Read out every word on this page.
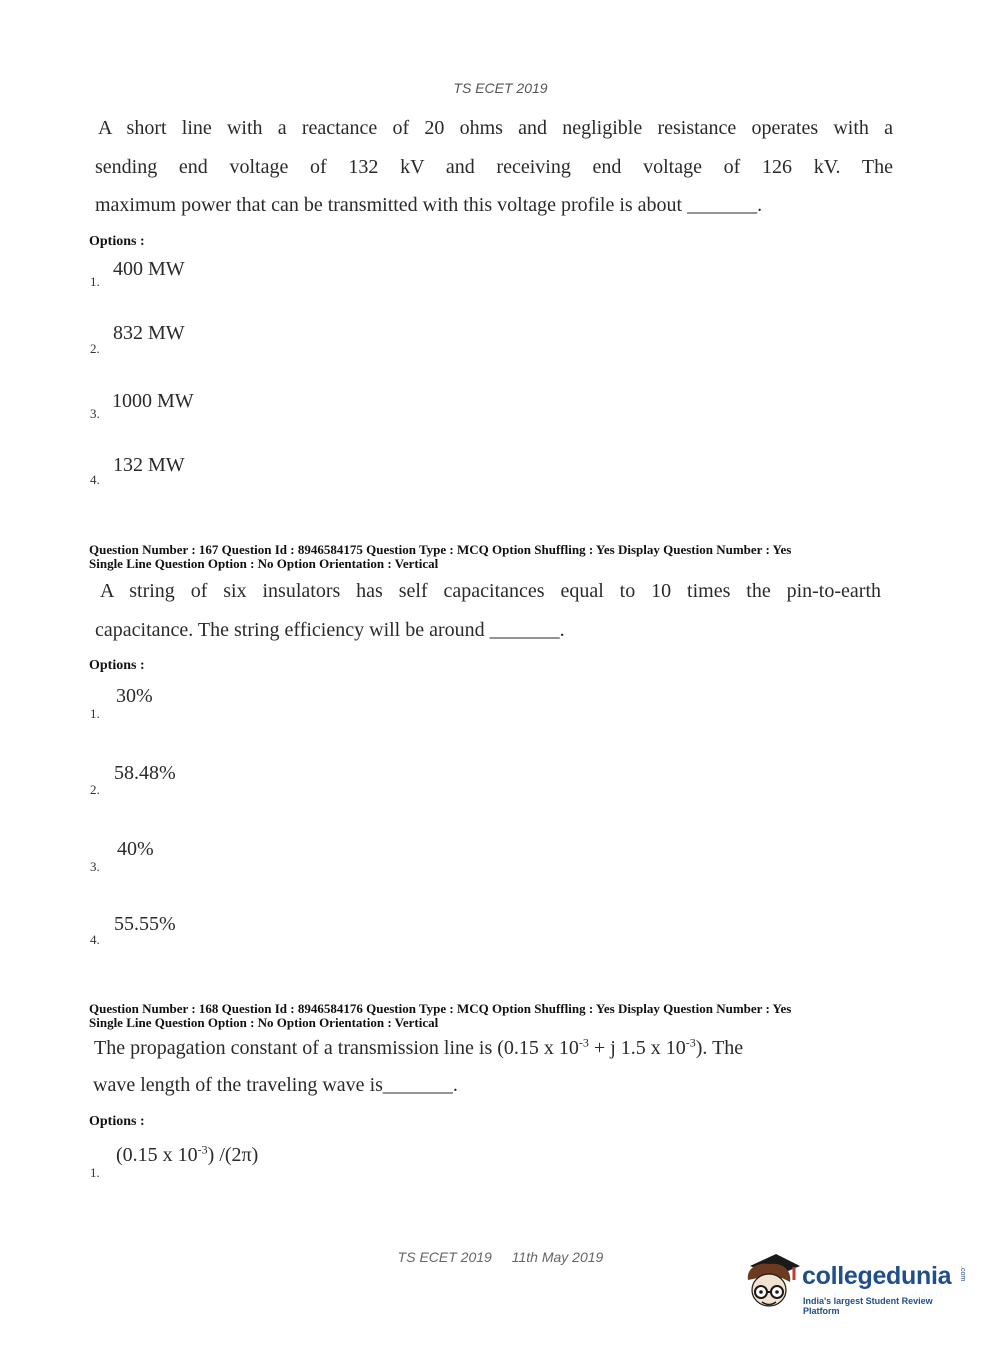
TS ECET 2019
A short line with a reactance of 20 ohms and negligible resistance operates with a
sending end voltage of 132 kV and receiving end voltage of 126 kV. The
maximum power that can be transmitted with this voltage profile is about _______.
Options :
400 MW
1.
832 MW
2.
1000 MW
3.
132 MW
4.
Question Number : 167 Question Id : 8946584175 Question Type : MCQ Option Shuffling : Yes Display Question Number : Yes
Single Line Question Option : No Option Orientation : Vertical
A string of six insulators has self capacitances equal to 10 times the pin-to-earth
capacitance. The string efficiency will be around _______.
Options :
30%
1.
58.48%
2.
40%
3.
55.55%
4.
Question Number : 168 Question Id : 8946584176 Question Type : MCQ Option Shuffling : Yes Display Question Number : Yes
Single Line Question Option : No Option Orientation : Vertical
The propagation constant of a transmission line is (0.15 x $10^{-3} + j$ 1.5 x $10^{-3}$). The
wave length of the traveling wave is_______.
Options :
(0.15 x $10^{-3}$) /(2π)
1.
TS ECET 2019 11th May 2019
collegedunia .com
India's largest Student Review Platform
